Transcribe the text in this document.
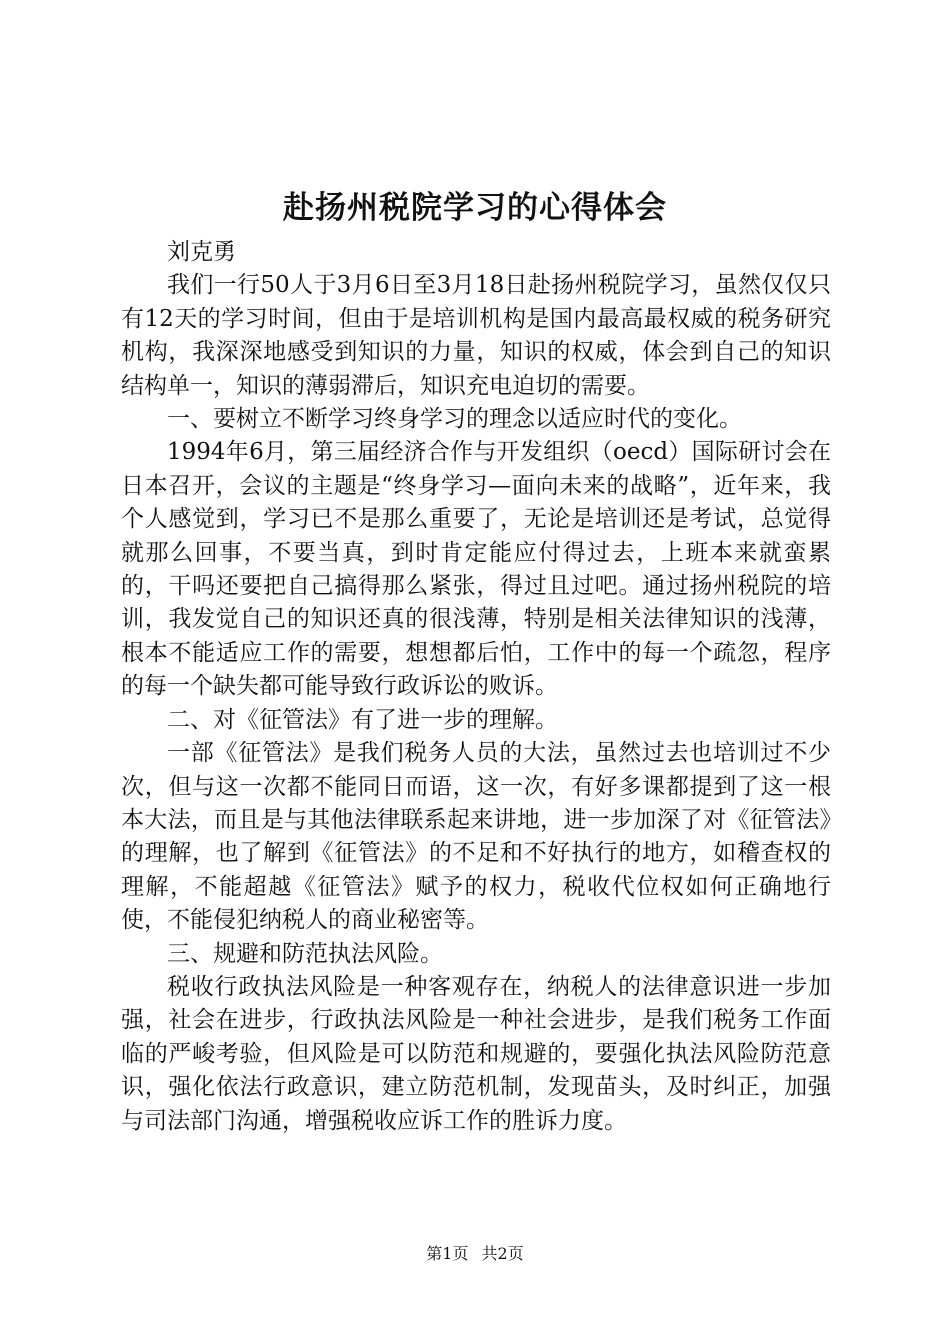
赴扬州税院学习的心得体会

刘克勇

我们一行50人于3月6日至3月18日赴扬州税院学习，虽然仅仅只有12天的学习时间，但由于是培训机构是国内最高最权威的税务研究机构，我深深地感受到知识的力量，知识的权威，体会到自己的知识结构单一，知识的薄弱滞后，知识充电迫切的需要。

一、要树立不断学习终身学习的理念以适应时代的变化。

1994年6月，第三届经济合作与开发组织（oecd）国际研讨会在日本召开，会议的主题是“终身学习—面向未来的战略”，近年来，我个人感觉到，学习已不是那么重要了，无论是培训还是考试，总觉得就那么回事，不要当真，到时肯定能应付得过去，上班本来就蛮累的，干吗还要把自己搞得那么紧张，得过且过吧。通过扬州税院的培训，我发觉自己的知识还真的很浅薄，特别是相关法律知识的浅薄，根本不能适应工作的需要，想想都后怕，工作中的每一个疏忽，程序的每一个缺失都可能导致行政诉讼的败诉。

二、对《征管法》有了进一步的理解。

一部《征管法》是我们税务人员的大法，虽然过去也培训过不少次，但与这一次都不能同日而语，这一次，有好多课都提到了这一根本大法，而且是与其他法律联系起来讲地，进一步加深了对《征管法》的理解，也了解到《征管法》的不足和不好执行的地方，如稽查权的理解，不能超越《征管法》赋予的权力，税收代位权如何正确地行使，不能侵犯纳税人的商业秘密等。

三、规避和防范执法风险。

税收行政执法风险是一种客观存在，纳税人的法律意识进一步加强，社会在进步，行政执法风险是一种社会进步，是我们税务工作面临的严峻考验，但风险是可以防范和规避的，要强化执法风险防范意识，强化依法行政意识，建立防范机制，发现苗头，及时纠正，加强与司法部门沟通，增强税收应诉工作的胜诉力度。

第1页 共2页
